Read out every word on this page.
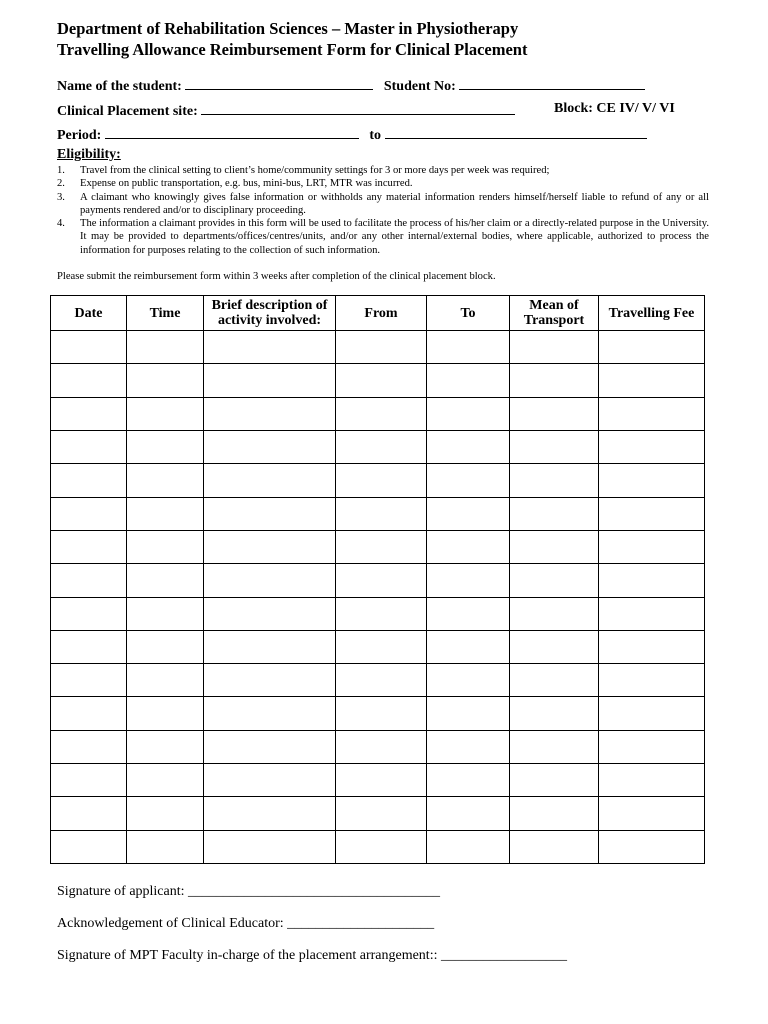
Department of Rehabilitation Sciences – Master in Physiotherapy
Travelling Allowance Reimbursement Form for Clinical Placement
Name of the student:	Student No:
Clinical Placement site:	Block: CE IV/ V/ VI
Period:	to
Eligibility:
1.	Travel from the clinical setting to client’s home/community settings for 3 or more days per week was required;
2.	Expense on public transportation, e.g. bus, mini-bus, LRT, MTR was incurred.
3.	A claimant who knowingly gives false information or withholds any material information renders himself/herself liable to refund of any or all payments rendered and/or to disciplinary proceeding.
4.	The information a claimant provides in this form will be used to facilitate the process of his/her claim or a directly-related purpose in the University. It may be provided to departments/offices/centres/units, and/or any other internal/external bodies, where applicable, authorized to process the information for purposes relating to the collection of such information.
Please submit the reimbursement form within 3 weeks after completion of the clinical placement block.
Date	Time	Brief description of activity involved:	From	To	Mean of Transport	Travelling Fee

Signature of applicant: ____________________________________
Acknowledgement of Clinical Educator: _____________________
Signature of MPT Faculty in-charge of the placement arrangement:: __________________
